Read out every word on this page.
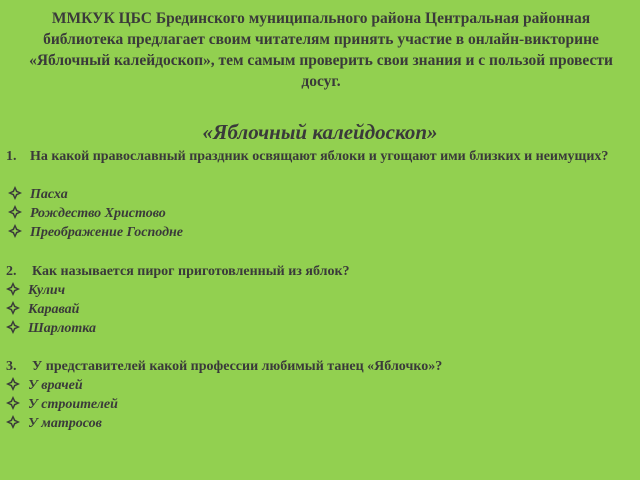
ММКУК ЦБС Брединского муниципального района Центральная районная библиотека предлагает своим читателям принять участие в онлайн-викторине «Яблочный калейдоскоп», тем самым проверить свои знания и с пользой провести досуг.
«Яблочный калейдоскоп»
1. На какой православный праздник освящают яблоки и угощают ими близких и неимущих?
Пасха
Рождество Христово
Преображение Господне
2. Как называется пирог приготовленный из яблок?
Кулич
Каравай
Шарлотка
3. У представителей какой профессии любимый танец «Яблочко»?
У врачей
У строителей
У матросов
